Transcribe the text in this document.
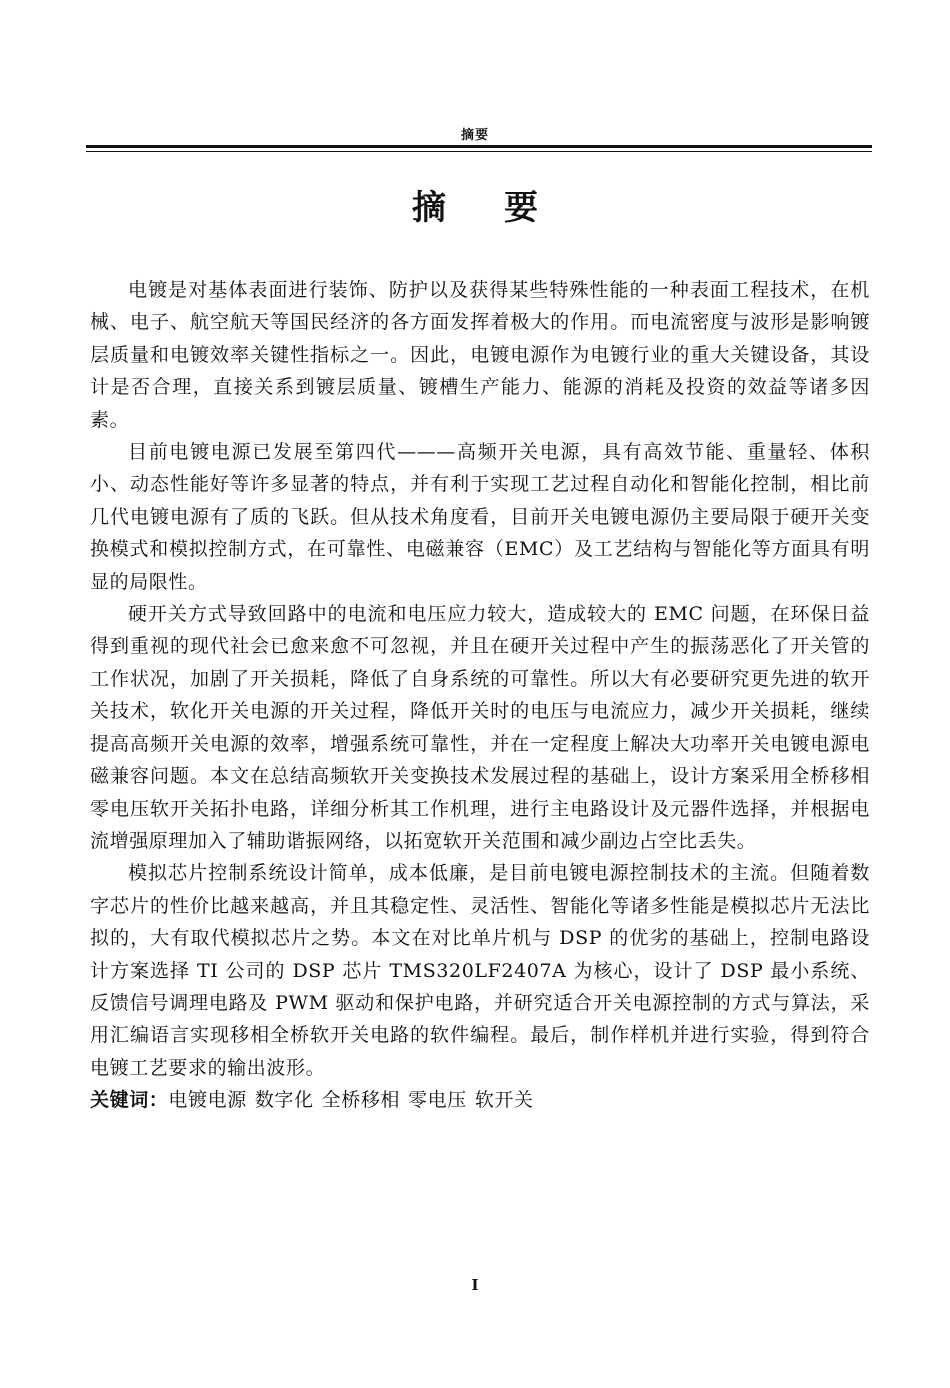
摘要
摘要

电镀是对基体表面进行装饰、防护以及获得某些特殊性能的一种表面工程技术，在机械、电子、航空航天等国民经济的各方面发挥着极大的作用。而电流密度与波形是影响镀层质量和电镀效率关键性指标之一。因此，电镀电源作为电镀行业的重大关键设备，其设计是否合理，直接关系到镀层质量、镀槽生产能力、能源的消耗及投资的效益等诸多因素。

目前电镀电源已发展至第四代———高频开关电源，具有高效节能、重量轻、体积小、动态性能好等许多显著的特点，并有利于实现工艺过程自动化和智能化控制，相比前几代电镀电源有了质的飞跃。但从技术角度看，目前开关电镀电源仍主要局限于硬开关变换模式和模拟控制方式，在可靠性、电磁兼容（EMC）及工艺结构与智能化等方面具有明显的局限性。

硬开关方式导致回路中的电流和电压应力较大，造成较大的 EMC 问题，在环保日益得到重视的现代社会已愈来愈不可忽视，并且在硬开关过程中产生的振荡恶化了开关管的工作状况，加剧了开关损耗，降低了自身系统的可靠性。所以大有必要研究更先进的软开关技术，软化开关电源的开关过程，降低开关时的电压与电流应力，减少开关损耗，继续提高高频开关电源的效率，增强系统可靠性，并在一定程度上解决大功率开关电镀电源电磁兼容问题。本文在总结高频软开关变换技术发展过程的基础上，设计方案采用全桥移相零电压软开关拓扑电路，详细分析其工作机理，进行主电路设计及元器件选择，并根据电流增强原理加入了辅助谐振网络，以拓宽软开关范围和减少副边占空比丢失。

模拟芯片控制系统设计简单，成本低廉，是目前电镀电源控制技术的主流。但随着数字芯片的性价比越来越高，并且其稳定性、灵活性、智能化等诸多性能是模拟芯片无法比拟的，大有取代模拟芯片之势。本文在对比单片机与 DSP 的优劣的基础上，控制电路设计方案选择 TI 公司的 DSP 芯片 TMS320LF2407A 为核心，设计了 DSP 最小系统、反馈信号调理电路及 PWM 驱动和保护电路，并研究适合开关电源控制的方式与算法，采用汇编语言实现移相全桥软开关电路的软件编程。最后，制作样机并进行实验，得到符合电镀工艺要求的输出波形。

关键词：电镀电源 数字化 全桥移相 零电压 软开关

I
